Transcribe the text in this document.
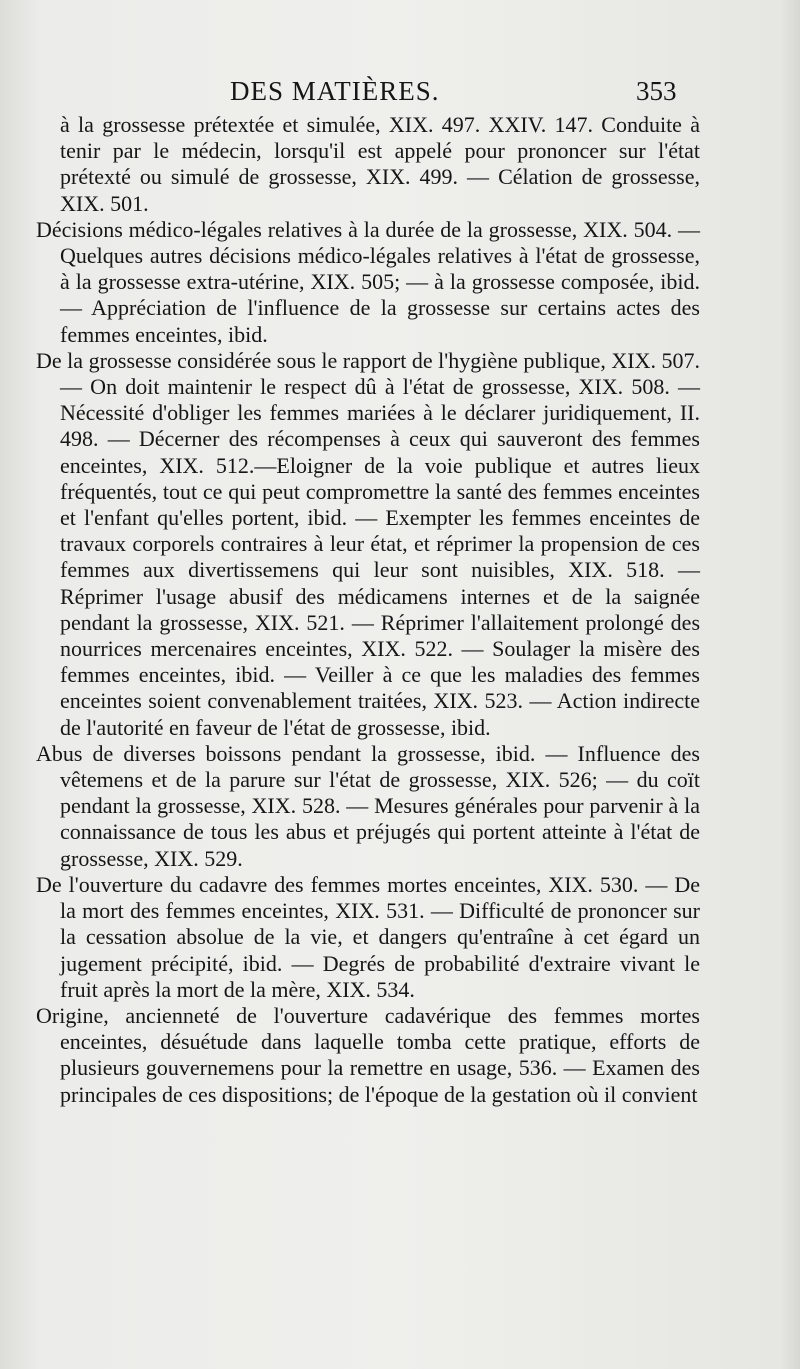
DES MATIÈRES.	353

à la grossesse prétextée et simulée, XIX. 497. XXIV. 147. Conduite à tenir par le médecin, lorsqu'il est appelé pour prononcer sur l'état prétexté ou simulé de grossesse, XIX. 499. — Célation de grossesse, XIX. 501.

Décisions médico-légales relatives à la durée de la grossesse, XIX. 504. — Quelques autres décisions médico-légales relatives à l'état de grossesse, à la grossesse extra-utérine, XIX. 505; — à la grossesse composée, ibid. — Appréciation de l'influence de la grossesse sur certains actes des femmes enceintes, ibid.

De la grossesse considérée sous le rapport de l'hygiène publique, XIX. 507. — On doit maintenir le respect dû à l'état de grossesse, XIX. 508. — Nécessité d'obliger les femmes mariées à le déclarer juridiquement, II. 498. — Décerner des récompenses à ceux qui sauveront des femmes enceintes, XIX. 512.—Eloigner de la voie publique et autres lieux fréquentés, tout ce qui peut compromettre la santé des femmes enceintes et l'enfant qu'elles portent, ibid. — Exempter les femmes enceintes de travaux corporels contraires à leur état, et réprimer la propension de ces femmes aux divertissemens qui leur sont nuisibles, XIX. 518. — Réprimer l'usage abusif des médicamens internes et de la saignée pendant la grossesse, XIX. 521. — Réprimer l'allaitement prolongé des nourrices mercenaires enceintes, XIX. 522. — Soulager la misère des femmes enceintes, ibid. — Veiller à ce que les maladies des femmes enceintes soient convenablement traitées, XIX. 523. — Action indirecte de l'autorité en faveur de l'état de grossesse, ibid.

Abus de diverses boissons pendant la grossesse, ibid. — Influence des vêtemens et de la parure sur l'état de grossesse, XIX. 526; — du coït pendant la grossesse, XIX. 528. — Mesures générales pour parvenir à la connaissance de tous les abus et préjugés qui portent atteinte à l'état de grossesse, XIX. 529.

De l'ouverture du cadavre des femmes mortes enceintes, XIX. 530. — De la mort des femmes enceintes, XIX. 531. — Difficulté de prononcer sur la cessation absolue de la vie, et dangers qu'entraîne à cet égard un jugement précipité, ibid. — Degrés de probabilité d'extraire vivant le fruit après la mort de la mère, XIX. 534.

Origine, ancienneté de l'ouverture cadavérique des femmes mortes enceintes, désuétude dans laquelle tomba cette pratique, efforts de plusieurs gouvernemens pour la remettre en usage, 536. — Examen des principales de ces dispositions; de l'époque de la gestation où il convient
